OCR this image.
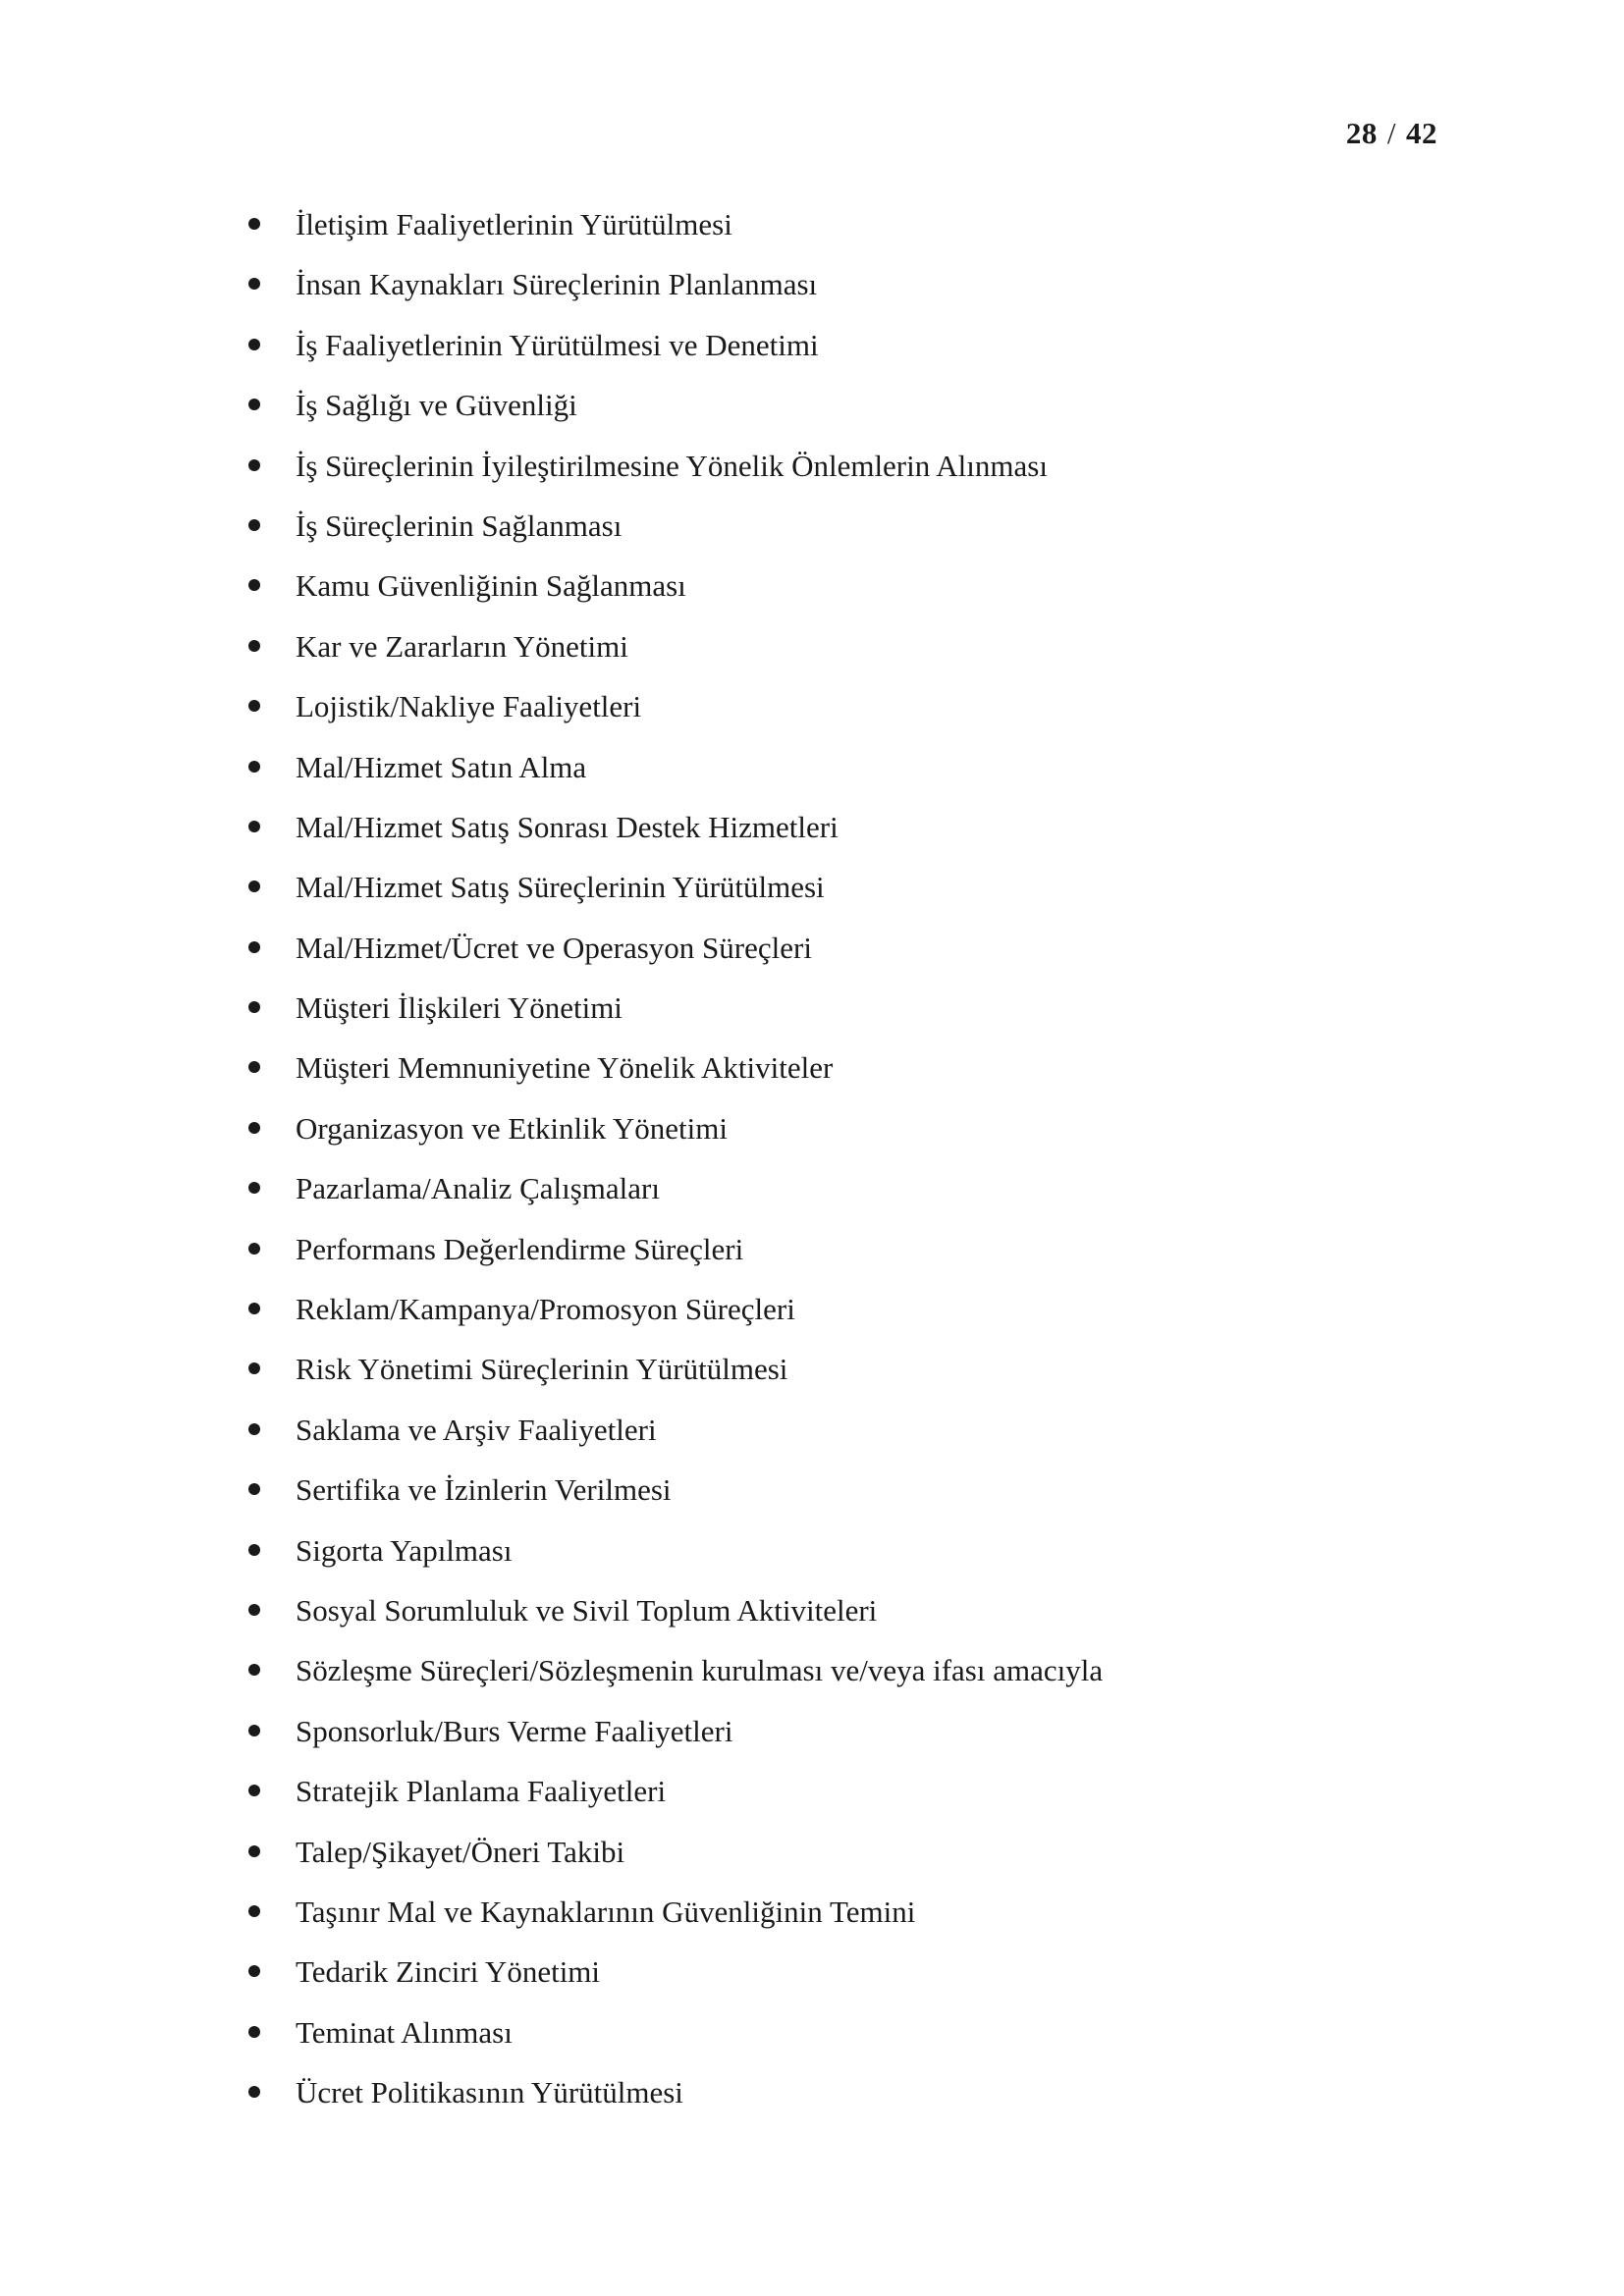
28 / 42
İletişim Faaliyetlerinin Yürütülmesi
İnsan Kaynakları Süreçlerinin Planlanması
İş Faaliyetlerinin Yürütülmesi ve Denetimi
İş Sağlığı ve Güvenliği
İş Süreçlerinin İyileştirilmesine Yönelik Önlemlerin Alınması
İş Süreçlerinin Sağlanması
Kamu Güvenliğinin Sağlanması
Kar ve Zararların Yönetimi
Lojistik/Nakliye Faaliyetleri
Mal/Hizmet Satın Alma
Mal/Hizmet Satış Sonrası Destek Hizmetleri
Mal/Hizmet Satış Süreçlerinin Yürütülmesi
Mal/Hizmet/Ücret ve Operasyon Süreçleri
Müşteri İlişkileri Yönetimi
Müşteri Memnuniyetine Yönelik Aktiviteler
Organizasyon ve Etkinlik Yönetimi
Pazarlama/Analiz Çalışmaları
Performans Değerlendirme Süreçleri
Reklam/Kampanya/Promosyon Süreçleri
Risk Yönetimi Süreçlerinin Yürütülmesi
Saklama ve Arşiv Faaliyetleri
Sertifika ve İzinlerin Verilmesi
Sigorta Yapılması
Sosyal Sorumluluk ve Sivil Toplum Aktiviteleri
Sözleşme Süreçleri/Sözleşmenin kurulması ve/veya ifası amacıyla
Sponsorluk/Burs Verme Faaliyetleri
Stratejik Planlama Faaliyetleri
Talep/Şikayet/Öneri Takibi
Taşınır Mal ve Kaynaklarının Güvenliğinin Temini
Tedarik Zinciri Yönetimi
Teminat Alınması
Ücret Politikasının Yürütülmesi
